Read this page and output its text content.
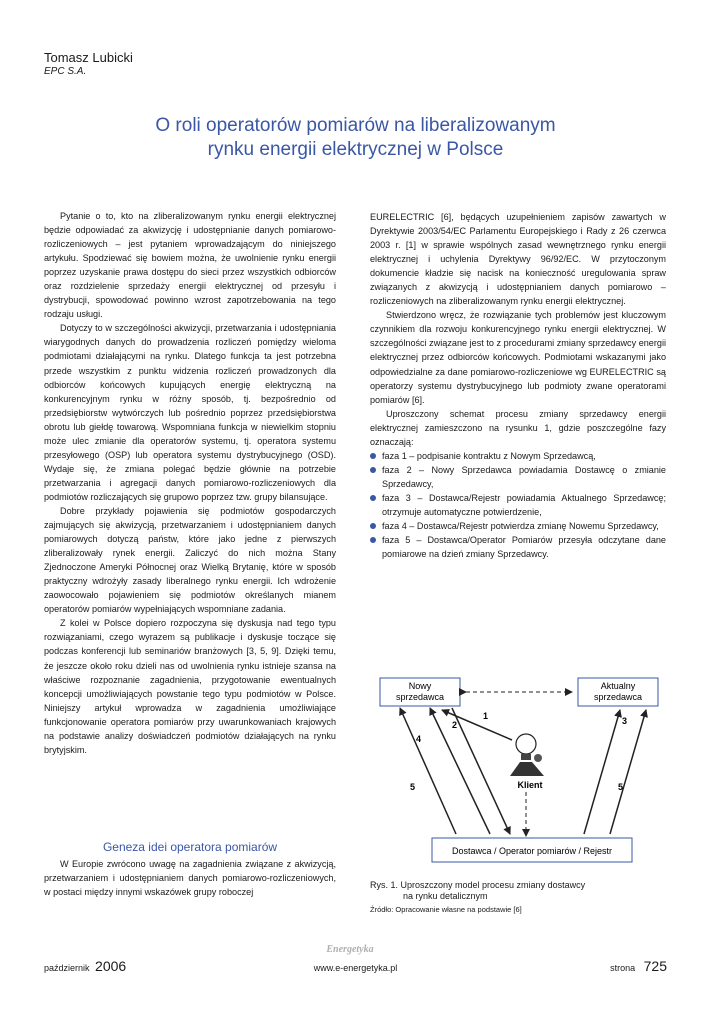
Tomasz Lubicki
EPC S.A.
O roli operatorów pomiarów na liberalizowanym
rynku energii elektrycznej w Polsce

Pytanie o to, kto na zliberalizowanym rynku energii elektrycznej będzie odpowiadać za akwizycję i udostępnianie danych pomiarowo-rozliczeniowych – jest pytaniem wprowadzającym do niniejszego artykułu. Spodziewać się bowiem można, że uwolnienie rynku energii poprzez uzyskanie prawa dostępu do sieci przez wszystkich odbiorców oraz rozdzielenie sprzedaży energii elektrycznej od przesyłu i dystrybucji, spowodować powinno wzrost zapotrzebowania na tego rodzaju usługi.

Dotyczy to w szczególności akwizycji, przetwarzania i udostępniania wiarygodnych danych do prowadzenia rozliczeń pomiędzy wieloma podmiotami działającymi na rynku. Dlatego funkcja ta jest potrzebna przede wszystkim z punktu widzenia rozliczeń prowadzonych dla odbiorców końcowych kupujących energię elektryczną na konkurencyjnym rynku w różny sposób, tj. bezpośrednio od przedsiębiorstw wytwórczych lub pośrednio poprzez przedsiębiorstwa obrotu lub giełdę towarową. Wspomniana funkcja w niewielkim stopniu może ulec zmianie dla operatorów systemu, tj. operatora systemu przesyłowego (OSP) lub operatora systemu dystrybucyjnego (OSD). Wydaje się, że zmiana polegać będzie głównie na potrzebie przetwarzania i agregacji danych pomiarowo-rozliczeniowych dla podmiotów rozliczających się grupowo poprzez tzw. grupy bilansujące.

Dobre przykłady pojawienia się podmiotów gospodarczych zajmujących się akwizycją, przetwarzaniem i udostępnianiem danych pomiarowych dotyczą państw, które jako jedne z pierwszych zliberalizowały rynek energii. Zaliczyć do nich można Stany Zjednoczone Ameryki Północnej oraz Wielką Brytanię, które w sposób praktyczny wdrożyły zasady liberalnego rynku energii. Ich wdrożenie zaowocowało pojawieniem się podmiotów określanych mianem operatorów pomiarów wypełniających wspomniane zadania.

Z kolei w Polsce dopiero rozpoczyna się dyskusja nad tego typu rozwiązaniami, czego wyrazem są publikacje i dyskusje toczące się podczas konferencji lub seminariów branżowych [3, 5, 9]. Dzięki temu, że jeszcze około roku dzieli nas od uwolnienia rynku istnieje szansa na właściwe rozpoznanie zagadnienia, przygotowanie ewentualnych koncepcji umożliwiających powstanie tego typu podmiotów w Polsce. Niniejszy artykuł wprowadza w zagadnienia umożliwiające funkcjonowanie operatora pomiarów przy uwarunkowaniach krajowych na podstawie analizy doświadczeń podmiotów działających na rynku brytyjskim.

Geneza idei operatora pomiarów

W Europie zwrócono uwagę na zagadnienia związane z akwizycją, przetwarzaniem i udostępnianiem danych pomiarowo-rozliczeniowych, w postaci między innymi wskazówek grupy roboczej

EURELECTRIC [6], będących uzupełnieniem zapisów zawartych w Dyrektywie 2003/54/EC Parlamentu Europejskiego i Rady z 26 czerwca 2003 r. [1] w sprawie wspólnych zasad wewnętrznego rynku energii elektrycznej i uchylenia Dyrektywy 96/92/EC. W przytoczonym dokumencie kładzie się nacisk na konieczność uregulowania spraw związanych z akwizycją i udostępnianiem danych pomiarowo – rozliczeniowych na zliberalizowanym rynku energii elektrycznej.

Stwierdzono wręcz, że rozwiązanie tych problemów jest kluczowym czynnikiem dla rozwoju konkurencyjnego rynku energii elektrycznej. W szczególności związane jest to z procedurami zmiany sprzedawcy energii elektrycznej przez odbiorców końcowych. Podmiotami wskazanymi jako odpowiedzialne za dane pomiarowo-rozliczeniowe wg EURELECTRIC są operatorzy systemu dystrybucyjnego lub podmioty zwane operatorami pomiarów [6].

Uproszczony schemat procesu zmiany sprzedawcy energii elektrycznej zamieszczono na rysunku 1, gdzie poszczególne fazy oznaczają:

faza 1 – podpisanie kontraktu z Nowym Sprzedawcą,
faza 2 – Nowy Sprzedawca powiadamia Dostawcę o zmianie Sprzedawcy,
faza 3 – Dostawca/Rejestr powiadamia Aktualnego Sprzedawcę; otrzymuje automatyczne potwierdzenie,
faza 4 – Dostawca/Rejestr potwierdza zmianę Nowemu Sprzedawcy,
faza 5 – Dostawca/Operator Pomiarów przesyła odczytane dane pomiarowe na dzień zmiany Sprzedawcy.
Nowy
sprzedawca
Aktualny
sprzedawca
Dostawca / Operator pomiarów / Rejestr
Klient
1
2	3
4
5	5
Rys. 1. Uproszczony model procesu zmiany dostawcy
na rynku detalicznym
Źródło: Opracowanie własne na podstawie [6]
Energetyka
październik 2006	www.e-energetyka.pl	strona 725
